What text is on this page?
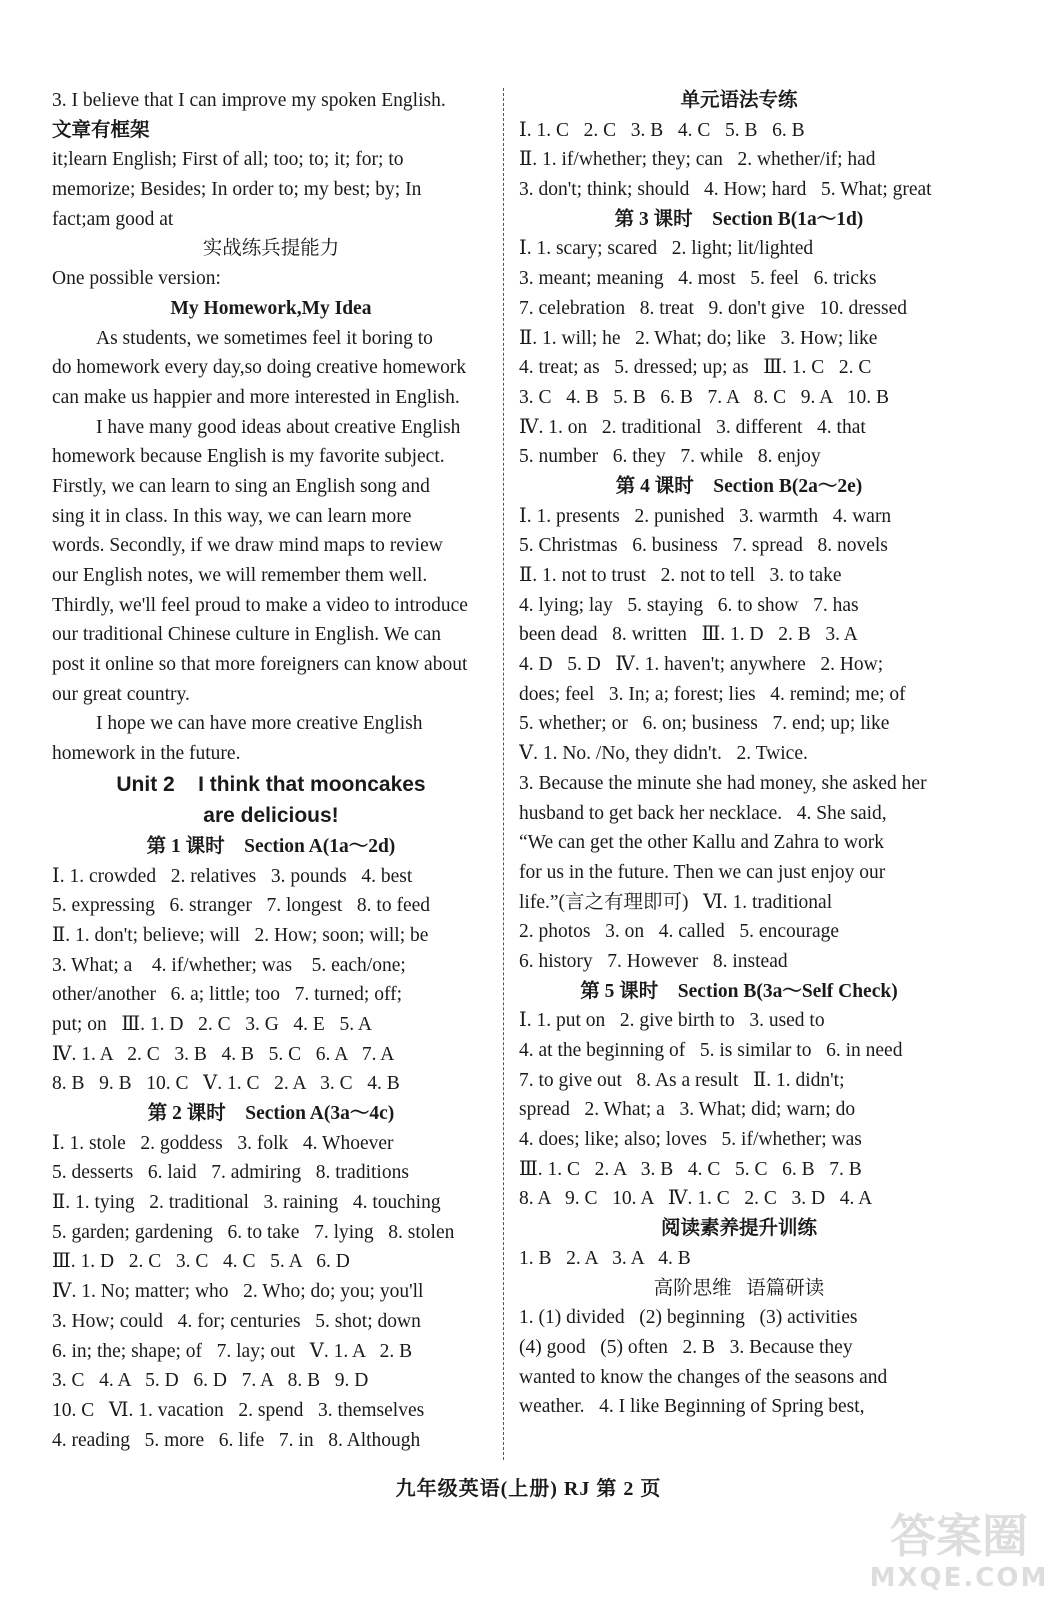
3. I believe that I can improve my spoken English.
文章有框架
it;learn English; First of all; too; to; it; for; to
memorize; Besides; In order to; my best; by; In
fact;am good at
实战练兵提能力
One possible version:
My Homework,My Idea
As students, we sometimes feel it boring to
do homework every day,so doing creative homework
can make us happier and more interested in English.
I have many good ideas about creative English
homework because English is my favorite subject.
Firstly, we can learn to sing an English song and
sing it in class. In this way, we can learn more
words. Secondly, if we draw mind maps to review
our English notes, we will remember them well.
Thirdly, we'll feel proud to make a video to introduce
our traditional Chinese culture in English. We can
post it online so that more foreigners can know about
our great country.
I hope we can have more creative English
homework in the future.
Unit 2    I think that mooncakes
are delicious!
第 1 课时    Section A(1a～2d)
Ⅰ. 1. crowded   2. relatives   3. pounds   4. best
5. expressing   6. stranger   7. longest   8. to feed
Ⅱ. 1. don't; believe; will   2. How; soon; will; be
3. What; a    4. if/whether; was    5. each/one;
other/another   6. a; little; too   7. turned; off;
put; on   Ⅲ. 1. D   2. C   3. G   4. E   5. A
Ⅳ. 1. A   2. C   3. B   4. B   5. C   6. A   7. A
8. B   9. B   10. C   Ⅴ. 1. C   2. A   3. C   4. B
第 2 课时    Section A(3a～4c)
Ⅰ. 1. stole   2. goddess   3. folk   4. Whoever
5. desserts   6. laid   7. admiring   8. traditions
Ⅱ. 1. tying   2. traditional   3. raining   4. touching
5. garden; gardening   6. to take   7. lying   8. stolen
Ⅲ. 1. D   2. C   3. C   4. C   5. A   6. D
Ⅳ. 1. No; matter; who   2. Who; do; you; you'll
3. How; could   4. for; centuries   5. shot; down
6. in; the; shape; of   7. lay; out   Ⅴ. 1. A   2. B
3. C   4. A   5. D   6. D   7. A   8. B   9. D
10. C   Ⅵ. 1. vacation   2. spend   3. themselves
4. reading   5. more   6. life   7. in   8. Although
单元语法专练
Ⅰ. 1. C   2. C   3. B   4. C   5. B   6. B
Ⅱ. 1. if/whether; they; can   2. whether/if; had
3. don't; think; should   4. How; hard   5. What; great
第 3 课时    Section B(1a～1d)
Ⅰ. 1. scary; scared   2. light; lit/lighted
3. meant; meaning   4. most   5. feel   6. tricks
7. celebration   8. treat   9. don't give   10. dressed
Ⅱ. 1. will; he   2. What; do; like   3. How; like
4. treat; as   5. dressed; up; as   Ⅲ. 1. C   2. C
3. C   4. B   5. B   6. B   7. A   8. C   9. A   10. B
Ⅳ. 1. on   2. traditional   3. different   4. that
5. number   6. they   7. while   8. enjoy
第 4 课时    Section B(2a～2e)
Ⅰ. 1. presents   2. punished   3. warmth   4. warn
5. Christmas   6. business   7. spread   8. novels
Ⅱ. 1. not to trust   2. not to tell   3. to take
4. lying; lay   5. staying   6. to show   7. has
been dead   8. written   Ⅲ. 1. D   2. B   3. A
4. D   5. D   Ⅳ. 1. haven't; anywhere   2. How;
does; feel   3. In; a; forest; lies   4. remind; me; of
5. whether; or   6. on; business   7. end; up; like
Ⅴ. 1. No. /No, they didn't.   2. Twice.
3. Because the minute she had money, she asked her
husband to get back her necklace.   4. She said,
“We can get the other Kallu and Zahra to work
for us in the future. Then we can just enjoy our
life.”(言之有理即可)   Ⅵ. 1. traditional
2. photos   3. on   4. called   5. encourage
6. history   7. However   8. instead
第 5 课时    Section B(3a～Self Check)
Ⅰ. 1. put on   2. give birth to   3. used to
4. at the beginning of   5. is similar to   6. in need
7. to give out   8. As a result   Ⅱ. 1. didn't;
spread   2. What; a   3. What; did; warn; do
4. does; like; also; loves   5. if/whether; was
Ⅲ. 1. C   2. A   3. B   4. C   5. C   6. B   7. B
8. A   9. C   10. A   Ⅳ. 1. C   2. C   3. D   4. A
阅读素养提升训练
1. B   2. A   3. A   4. B
高阶思维   语篇研读
1. (1) divided   (2) beginning   (3) activities
(4) good   (5) often   2. B   3. Because they
wanted to know the changes of the seasons and
weather.   4. I like Beginning of Spring best,
九年级英语(上册) RJ 第 2 页
答案圈
MXQE.COM
